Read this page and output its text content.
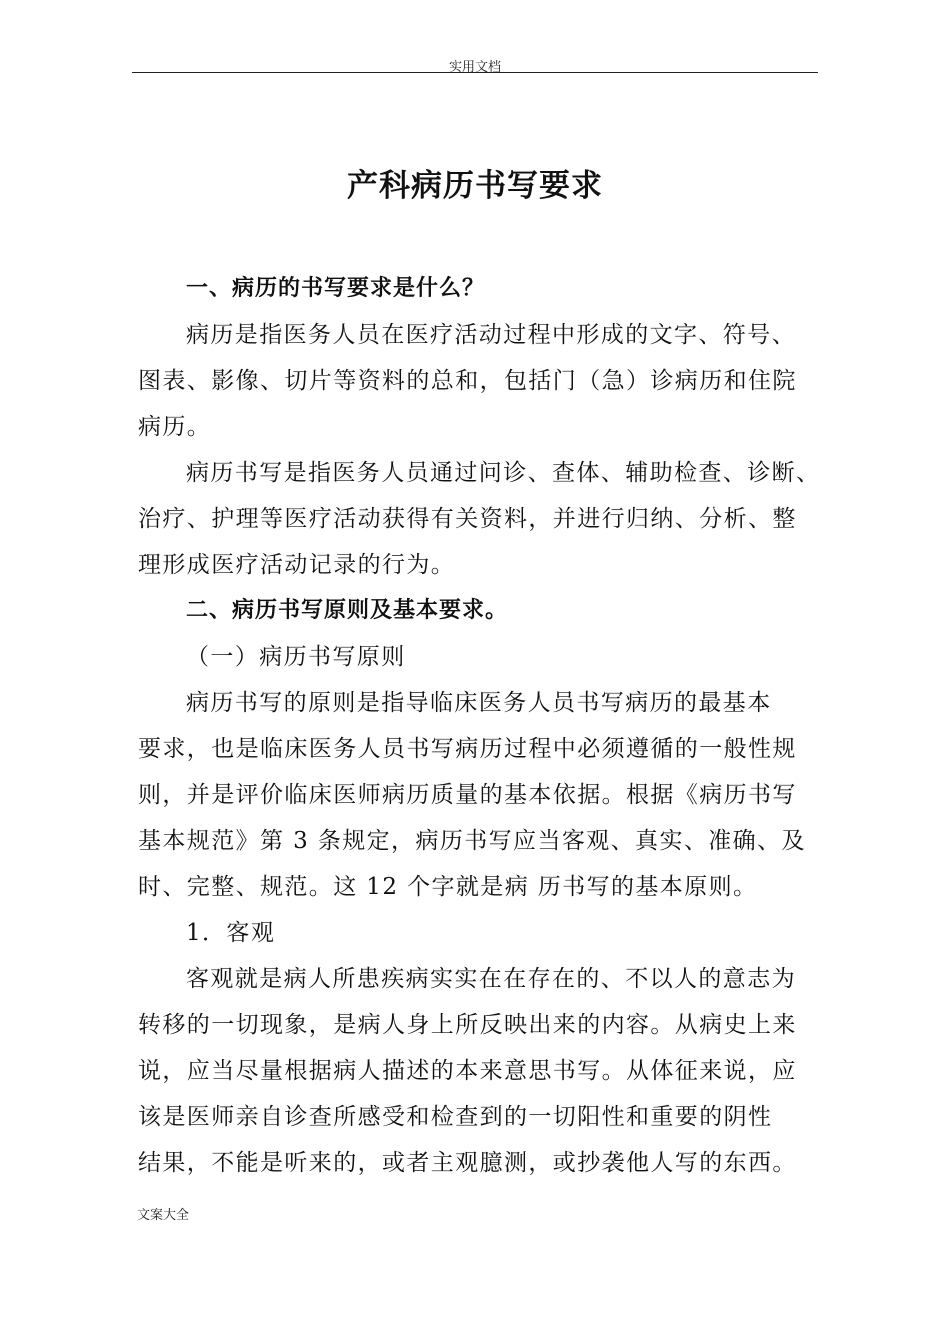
实用文档
产科病历书写要求
一、病历的书写要求是什么？
病历是指医务人员在医疗活动过程中形成的文字、符号、
图表、影像、切片等资料的总和，包括门（急）诊病历和住院
病历。
病历书写是指医务人员通过问诊、查体、辅助检查、诊断、
治疗、护理等医疗活动获得有关资料，并进行归纳、分析、整
理形成医疗活动记录的行为。
二、病历书写原则及基本要求。
（一）病历书写原则
病历书写的原则是指导临床医务人员书写病历的最基本
要求，也是临床医务人员书写病历过程中必须遵循的一般性规
则，并是评价临床医师病历质量的基本依据。根据《病历书写
基本规范》第 3 条规定，病历书写应当客观、真实、准确、及
时、完整、规范。这 12 个字就是病 历书写的基本原则。
1．客观
客观就是病人所患疾病实实在在存在的、不以人的意志为
转移的一切现象，是病人身上所反映出来的内容。从病史上来
说，应当尽量根据病人描述的本来意思书写。从体征来说，应
该是医师亲自诊查所感受和检查到的一切阳性和重要的阴性
结果，不能是听来的，或者主观臆测，或抄袭他人写的东西。
文案大全
